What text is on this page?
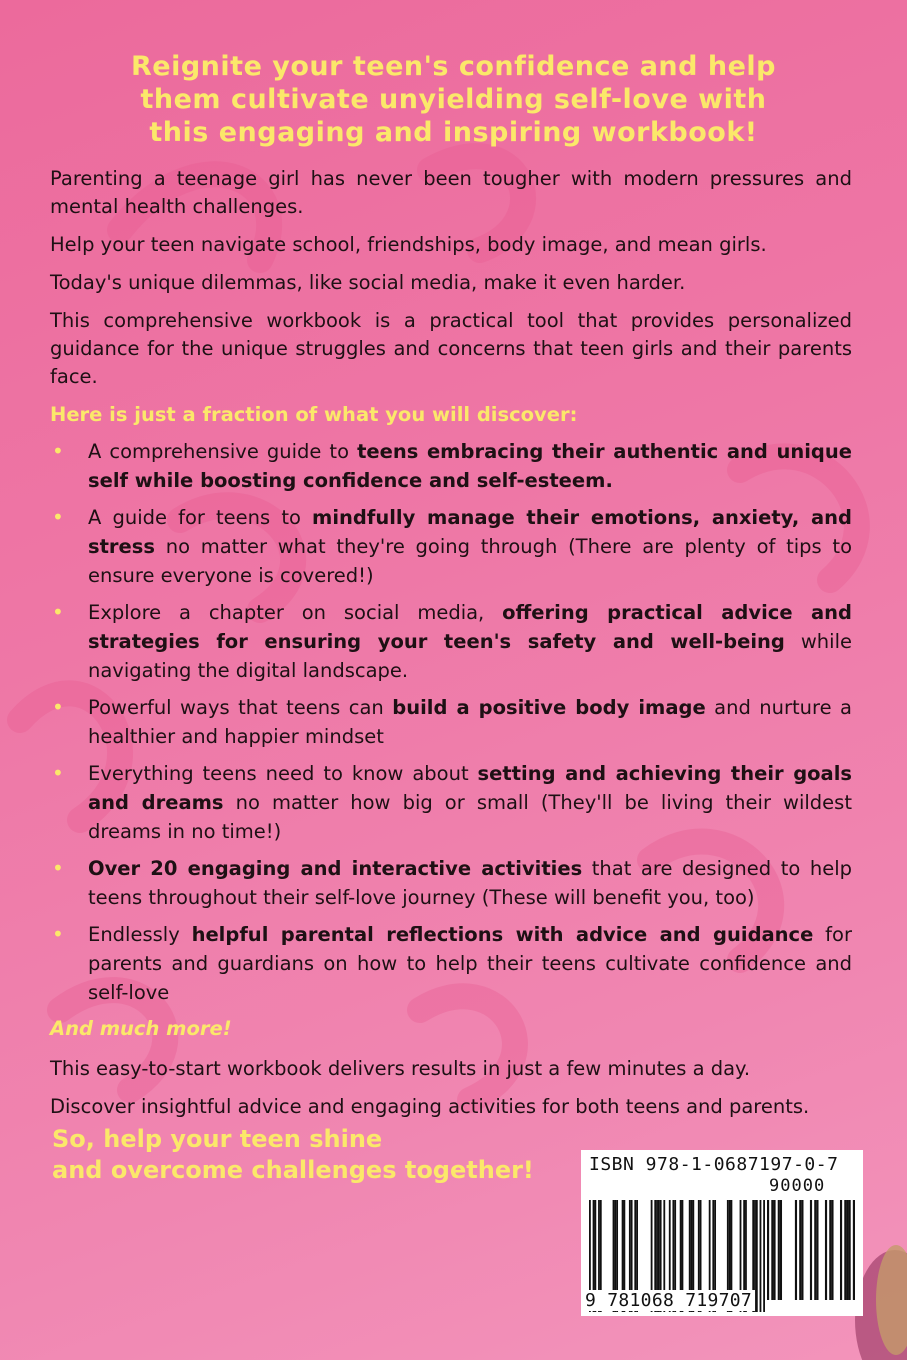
Reignite your teen's confidence and help
them cultivate unyielding self-love with
this engaging and inspiring workbook!

Parenting a teenage girl has never been tougher with modern pressures and mental health challenges.

Help your teen navigate school, friendships, body image, and mean girls.

Today's unique dilemmas, like social media, make it even harder.

This comprehensive workbook is a practical tool that provides personalized guidance for the unique struggles and concerns that teen girls and their parents face.

Here is just a fraction of what you will discover:

• A comprehensive guide to teens embracing their authentic and unique self while boosting confidence and self-esteem.
• A guide for teens to mindfully manage their emotions, anxiety, and stress no matter what they're going through (There are plenty of tips to ensure everyone is covered!)
• Explore a chapter on social media, offering practical advice and strategies for ensuring your teen's safety and well-being while navigating the digital landscape.
• Powerful ways that teens can build a positive body image and nurture a healthier and happier mindset
• Everything teens need to know about setting and achieving their goals and dreams no matter how big or small (They'll be living their wildest dreams in no time!)
• Over 20 engaging and interactive activities that are designed to help teens throughout their self-love journey (These will benefit you, too)
• Endlessly helpful parental reflections with advice and guidance for parents and guardians on how to help their teens cultivate confidence and self-love

And much more!

This easy-to-start workbook delivers results in just a few minutes a day.

Discover insightful advice and engaging activities for both teens and parents.

So, help your teen shine
and overcome challenges together!	ISBN 978-1-0687197-0-7
90000
9 781068 719707
